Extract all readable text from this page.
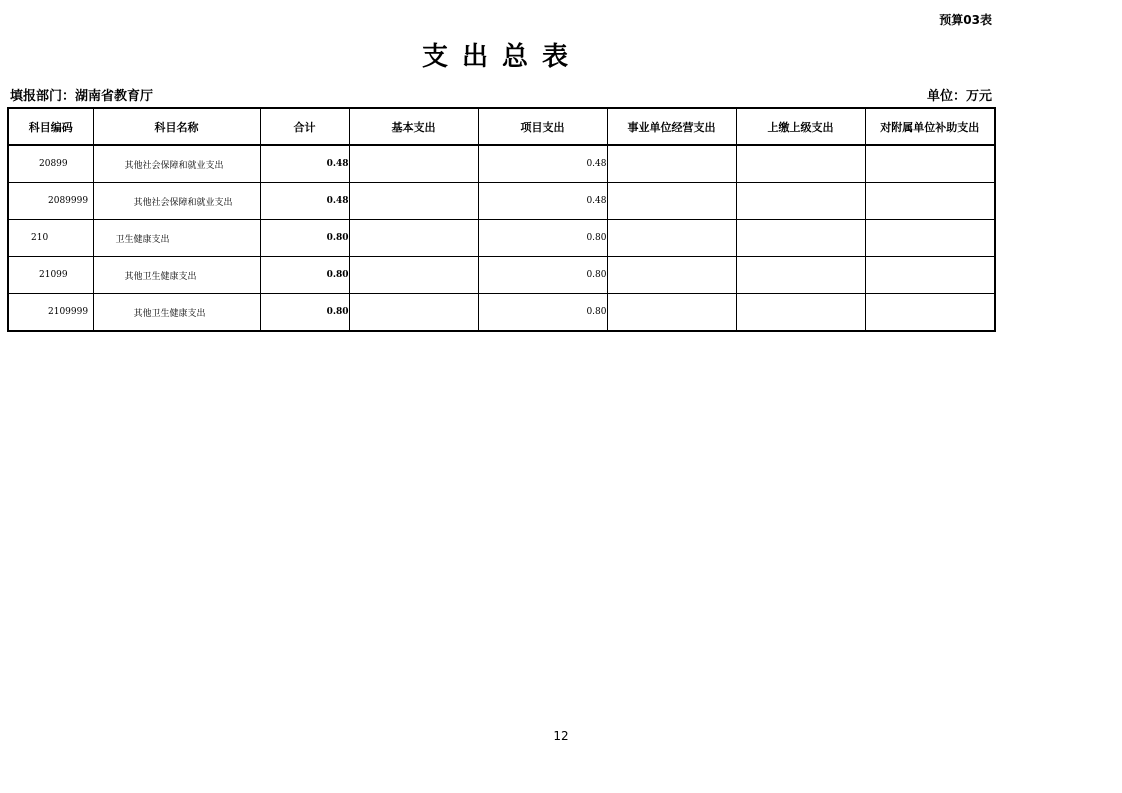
预算03表
支出总表
填报部门：湖南省教育厅	单位：万元
科目编码	科目名称	合计	基本支出	项目支出	事业单位经营支出	上缴上级支出	对附属单位补助支出
20899	其他社会保障和就业支出	0.48		0.48			
2089999	其他社会保障和就业支出	0.48		0.48			
210	卫生健康支出	0.80		0.80			
21099	其他卫生健康支出	0.80		0.80			
2109999	其他卫生健康支出	0.80		0.80			
12
